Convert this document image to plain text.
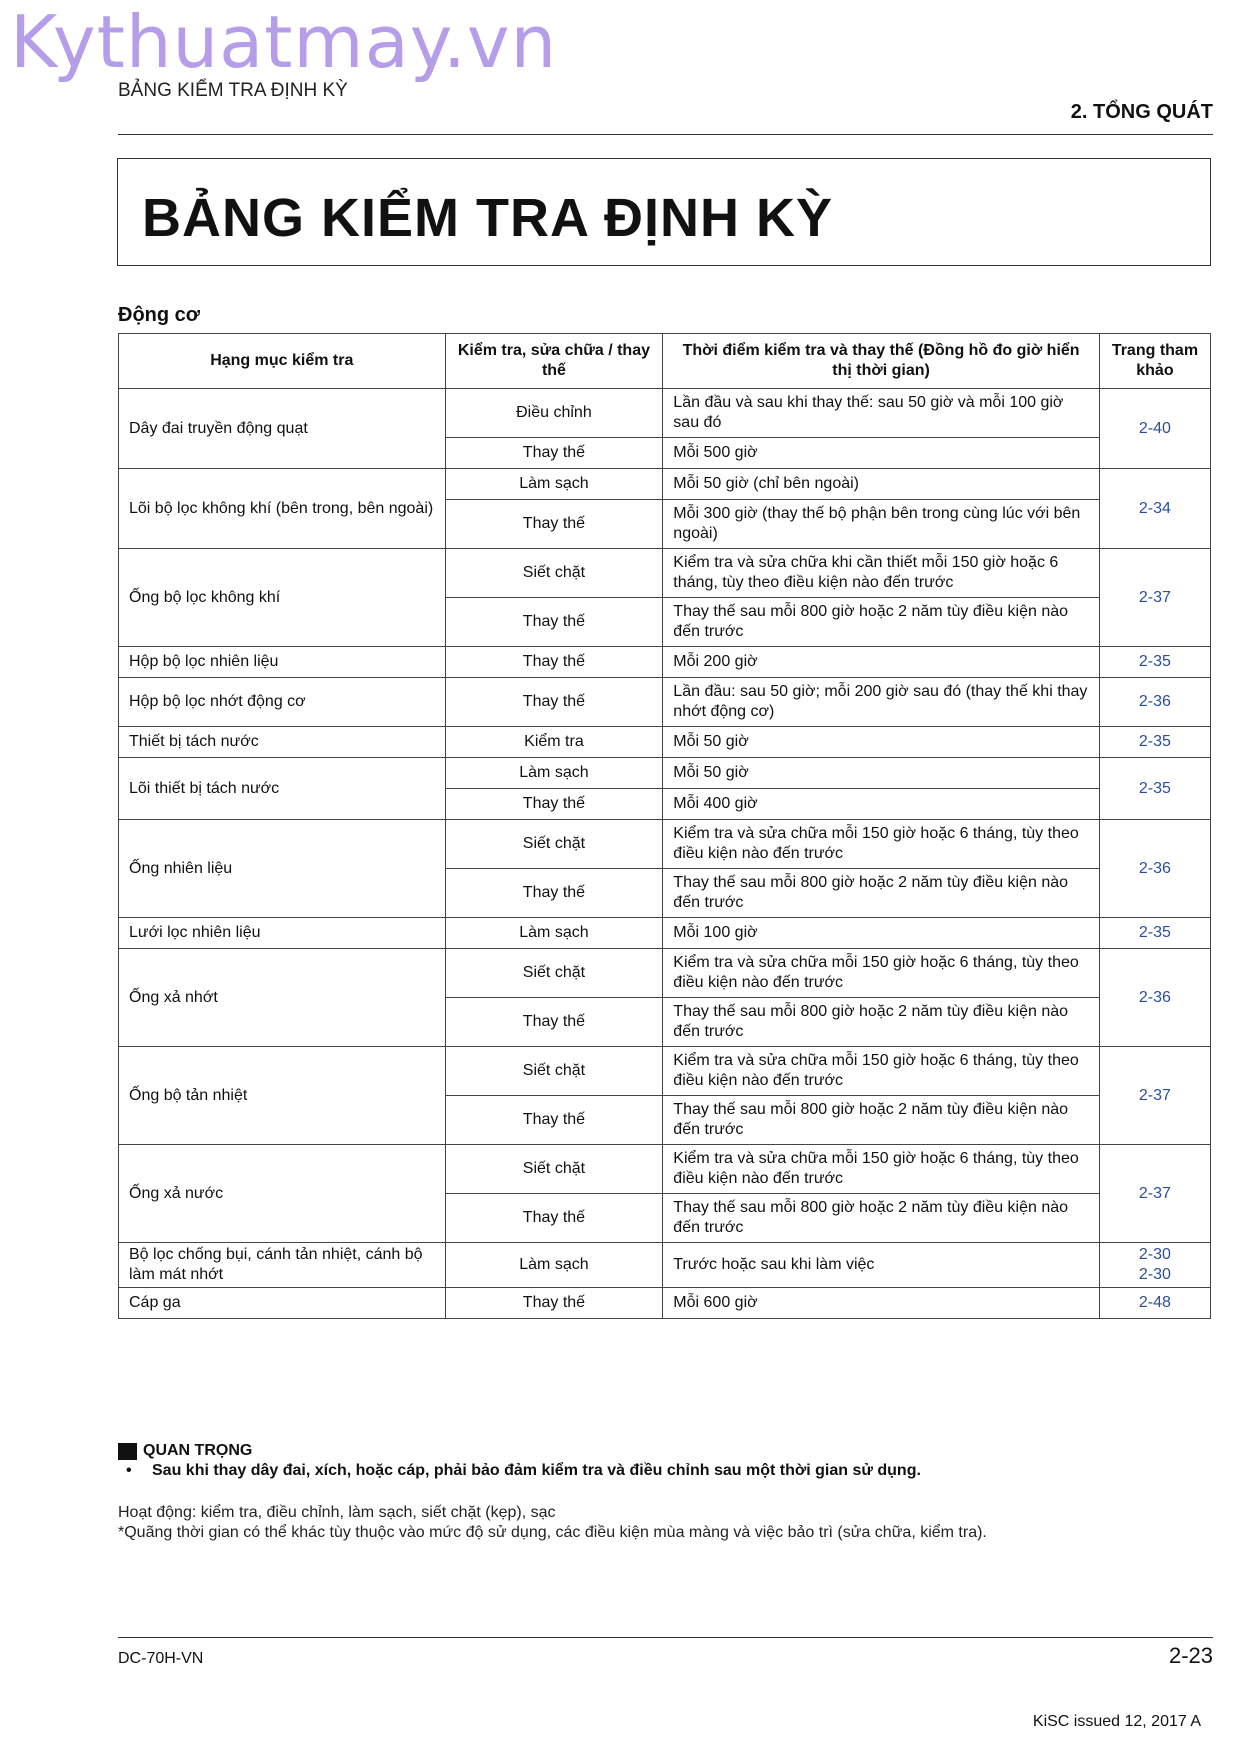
Kythuatmay.vn
BẢNG KIỂM TRA ĐỊNH KỲ
2. TỔNG QUÁT
BẢNG KIỂM TRA ĐỊNH KỲ
Động cơ
Hạng mục kiểm tra	Kiểm tra, sửa chữa / thay thế	Thời điểm kiểm tra và thay thế (Đồng hồ đo giờ hiển thị thời gian)	Trang tham khảo
Dây đai truyền động quạt	Điều chỉnh	Lần đầu và sau khi thay thế: sau 50 giờ và mỗi 100 giờ sau đó	2-40
	Thay thế	Mỗi 500 giờ	
Lõi bộ lọc không khí (bên trong, bên ngoài)	Làm sạch	Mỗi 50 giờ (chỉ bên ngoài)	2-34
	Thay thế	Mỗi 300 giờ (thay thế bộ phận bên trong cùng lúc với bên ngoài)	
Ống bộ lọc không khí	Siết chặt	Kiểm tra và sửa chữa khi cần thiết mỗi 150 giờ hoặc 6 tháng, tùy theo điều kiện nào đến trước	2-37
	Thay thế	Thay thế sau mỗi 800 giờ hoặc 2 năm tùy điều kiện nào đến trước	
Hộp bộ lọc nhiên liệu	Thay thế	Mỗi 200 giờ	2-35
Hộp bộ lọc nhớt động cơ	Thay thế	Lần đầu: sau 50 giờ; mỗi 200 giờ sau đó (thay thế khi thay nhớt động cơ)	2-36
Thiết bị tách nước	Kiểm tra	Mỗi 50 giờ	2-35
Lõi thiết bị tách nước	Làm sạch	Mỗi 50 giờ	2-35
	Thay thế	Mỗi 400 giờ	
Ống nhiên liệu	Siết chặt	Kiểm tra và sửa chữa mỗi 150 giờ hoặc 6 tháng, tùy theo điều kiện nào đến trước	2-36
	Thay thế	Thay thế sau mỗi 800 giờ hoặc 2 năm tùy điều kiện nào đến trước	
Lưới lọc nhiên liệu	Làm sạch	Mỗi 100 giờ	2-35
Ống xả nhớt	Siết chặt	Kiểm tra và sửa chữa mỗi 150 giờ hoặc 6 tháng, tùy theo điều kiện nào đến trước	2-36
	Thay thế	Thay thế sau mỗi 800 giờ hoặc 2 năm tùy điều kiện nào đến trước	
Ống bộ tản nhiệt	Siết chặt	Kiểm tra và sửa chữa mỗi 150 giờ hoặc 6 tháng, tùy theo điều kiện nào đến trước	2-37
	Thay thế	Thay thế sau mỗi 800 giờ hoặc 2 năm tùy điều kiện nào đến trước	
Ống xả nước	Siết chặt	Kiểm tra và sửa chữa mỗi 150 giờ hoặc 6 tháng, tùy theo điều kiện nào đến trước	2-37
	Thay thế	Thay thế sau mỗi 800 giờ hoặc 2 năm tùy điều kiện nào đến trước	
Bộ lọc chống bụi, cánh tản nhiệt, cánh bộ làm mát nhớt	Làm sạch	Trước hoặc sau khi làm việc	2-30
2-30
Cáp ga	Thay thế	Mỗi 600 giờ	2-48
QUAN TRỌNG
• Sau khi thay dây đai, xích, hoặc cáp, phải bảo đảm kiểm tra và điều chỉnh sau một thời gian sử dụng.
Hoạt động: kiểm tra, điều chỉnh, làm sạch, siết chặt (kẹp), sạc
*Quãng thời gian có thể khác tùy thuộc vào mức độ sử dụng, các điều kiện mùa màng và việc bảo trì (sửa chữa, kiểm tra).
DC-70H-VN	2-23
KiSC issued 12, 2017 A
